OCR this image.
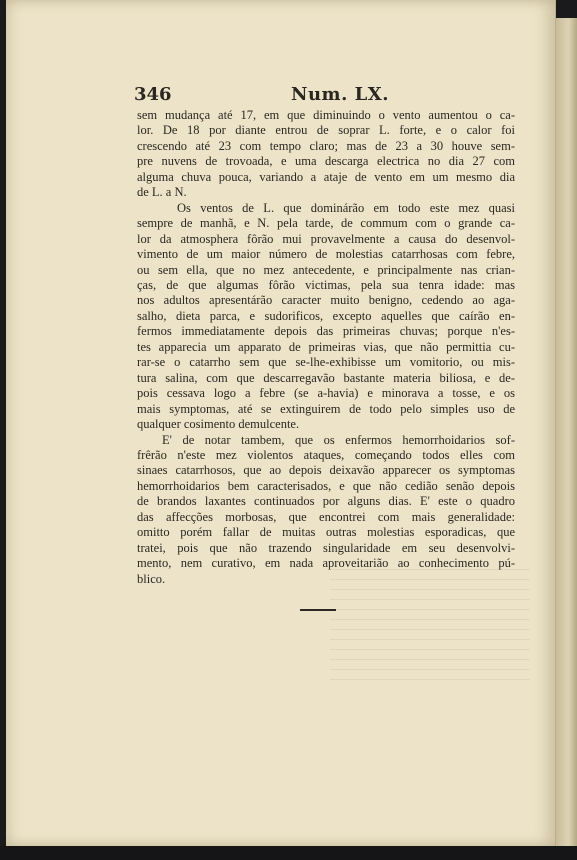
346	Num. LX.
sem mudança até 17, em que diminuindo o vento aumentou o ca-
lor. De 18 por diante entrou de soprar L. forte, e o calor foi
crescendo até 23 com tempo claro; mas de 23 a 30 houve sem-
pre nuvens de trovoada, e uma descarga electrica no dia 27 com
alguma chuva pouca, variando a ataje de vento em um mesmo dia
de L. a N.
Os ventos de L. que dominárão em todo este mez quasi
sempre de manhã, e N. pela tarde, de commum com o grande ca-
lor da atmosphera fôrão mui provavelmente a causa do desenvol-
vimento de um maior número de molestias catarrhosas com febre,
ou sem ella, que no mez antecedente, e principalmente nas crian-
ças, de que algumas fôrão victimas, pela sua tenra idade: mas
nos adultos apresentárão caracter muito benigno, cedendo ao aga-
salho, dieta parca, e sudorificos, excepto aquelles que caírão en-
fermos immediatamente depois das primeiras chuvas; porque n'es-
tes apparecia um apparato de primeiras vias, que não permittia cu-
rar-se o catarrho sem que se-lhe-exhibisse um vomitorio, ou mis-
tura salina, com que descarregavão bastante materia biliosa, e de-
pois cessava logo a febre (se a-havia) e minorava a tosse, e os
mais symptomas, até se extinguirem de todo pelo simples uso de
qualquer cosimento demulcente.
E' de notar tambem, que os enfermos hemorrhoidarios sof-
frêrão n'este mez violentos ataques, começando todos elles com
sinaes catarrhosos, que ao depois deixavão apparecer os symptomas
hemorrhoidarios bem caracterisados, e que não cedião senão depois
de brandos laxantes continuados por alguns dias. E' este o quadro
das affecções morbosas, que encontrei com mais generalidade:
omitto porém fallar de muitas outras molestias esporadicas, que
tratei, pois que não trazendo singularidade em seu desenvolvi-
mento, nem curativo, em nada aproveitarião ao conhecimento pú-
blico.
